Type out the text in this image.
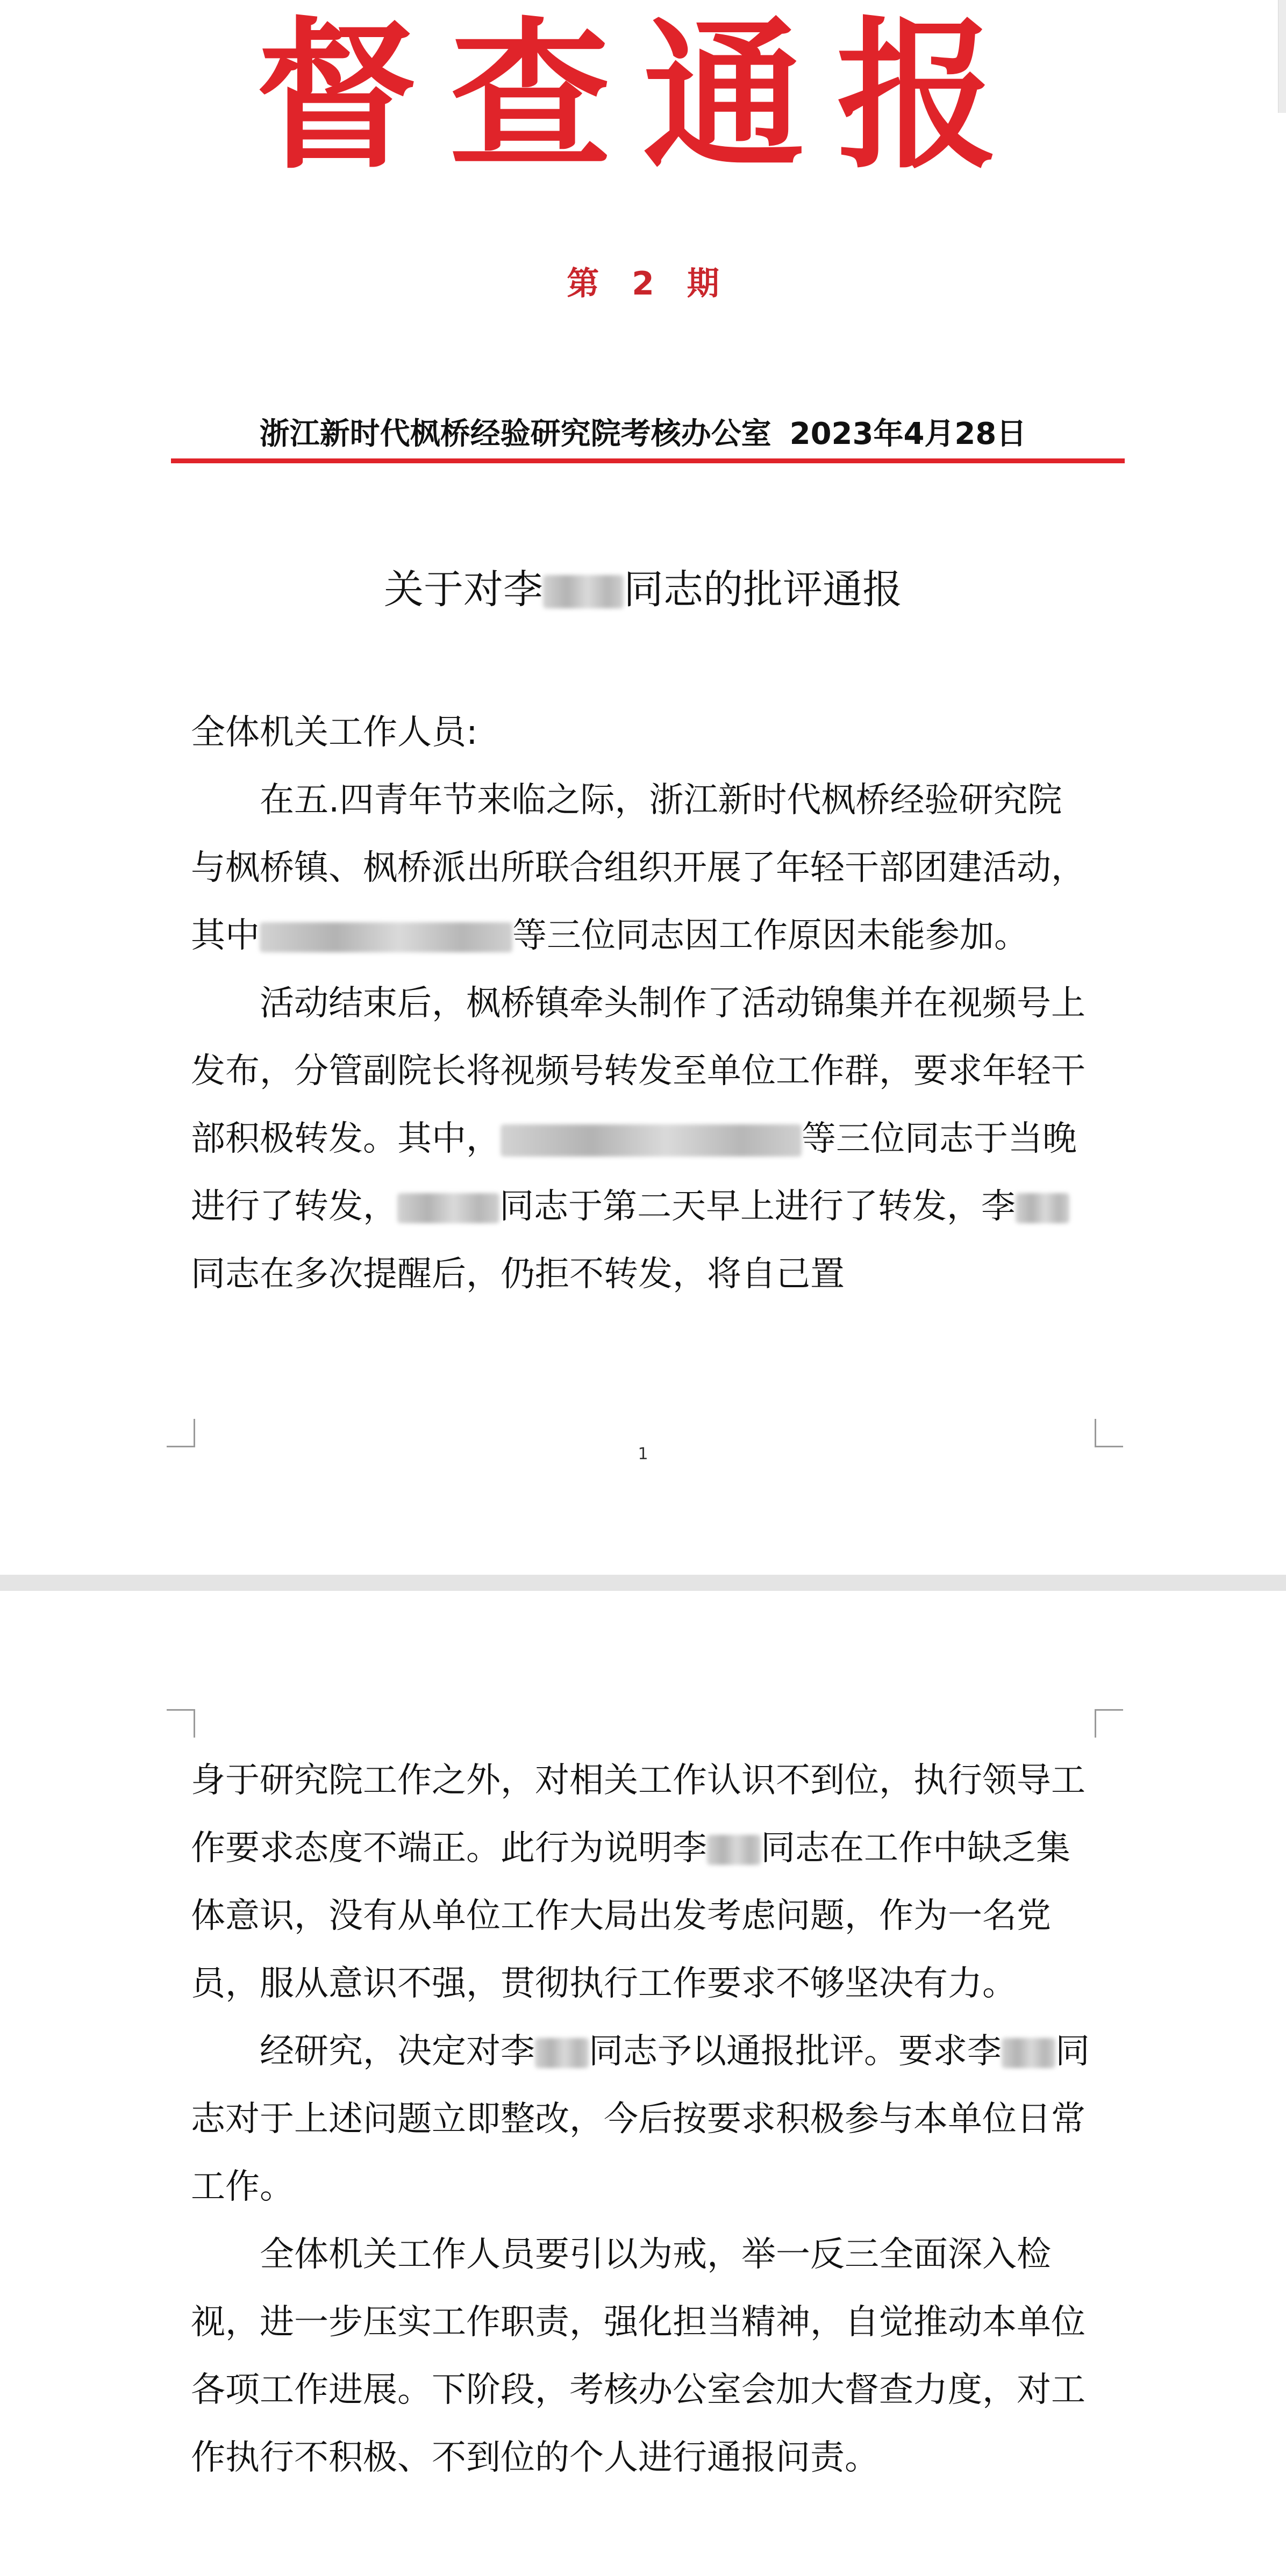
督查通报
第 2 期
浙江新时代枫桥经验研究院考核办公室 2023年4月28日
关于对李 同志的批评通报

全体机关工作人员:

在五.四青年节来临之际，浙江新时代枫桥经验研究院与枫桥镇、枫桥派出所联合组织开展了年轻干部团建活动，其中	等三位同志因工作原因未能参加。

活动结束后，枫桥镇牵头制作了活动锦集并在视频号上发布，分管副院长将视频号转发至单位工作群，要求年轻干部积极转发。其中，	等三位同志于当晚进行了转发，	同志于第二天早上进行了转发，李同志在多次提醒后，仍拒不转发，将自己置

1

身于研究院工作之外，对相关工作认识不到位，执行领导工作要求态度不端正。此行为说明李 同志在工作中缺乏集体意识，没有从单位工作大局出发考虑问题，作为一名党员，服从意识不强，贯彻执行工作要求不够坚决有力。

经研究，决定对李 同志予以通报批评。要求李 同志对于上述问题立即整改，今后按要求积极参与本单位日常工作。

全体机关工作人员要引以为戒，举一反三全面深入检视，进一步压实工作职责，强化担当精神，自觉推动本单位各项工作进展。下阶段，考核办公室会加大督查力度，对工作执行不积极、不到位的个人进行通报问责。
